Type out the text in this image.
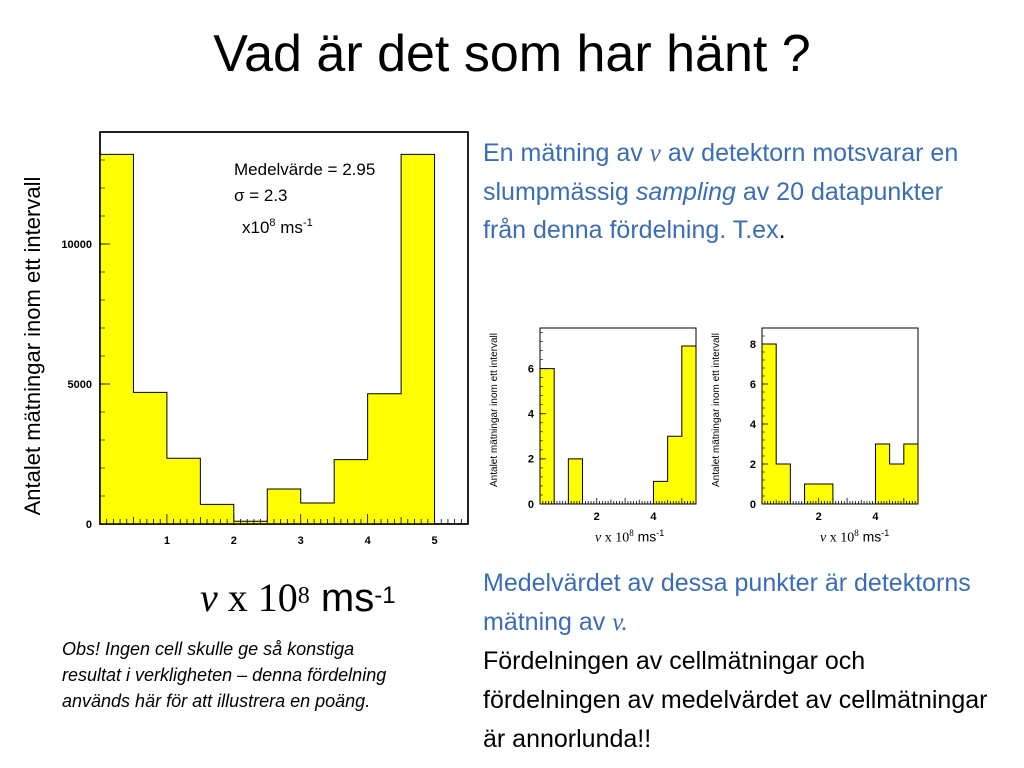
Vad är det som har hänt ?
Antalet mätningar inom ett intervall
1	2	3	4	5
0
5000
10000
Medelvärde = 2.95
σ = 2.3
$x10^8$ $ms^{-1}$
v x $10^8$ $ms^{-1}$
Obs! Ingen cell skulle ge så konstiga resultat i verkligheten – denna fördelning används här för att illustrera en poäng.
En mätning av v av detektorn motsvarar en slumpmässig sampling av 20 datapunkter från denna fördelning. T.ex.
2	4
0
2
4
6
Antalet mätningar inom ett intervall
2	4
0
2
4
6
8
Antalet mätningar inom ett intervall
v x $10^8$ $ms^{-1}$	v x $10^8$ $ms^{-1}$
Medelvärdet av dessa punkter är detektorns mätning av v.
Fördelningen av cellmätningar och fördelningen av medelvärdet av cellmätningar är annorlunda!!
